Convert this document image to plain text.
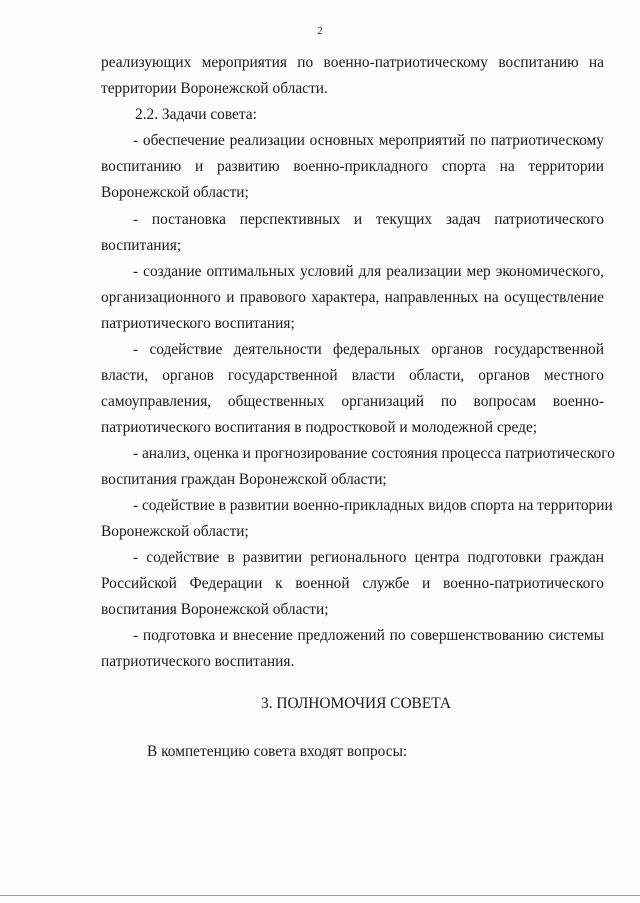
2
реализующих мероприятия по военно-патриотическому воспитанию на
территории Воронежской области.
2.2. Задачи совета:
- обеспечение реализации основных мероприятий по патриотическому
воспитанию и развитию военно-прикладного спорта на территории
Воронежской области;
- постановка перспективных и текущих задач патриотического
воспитания;
- создание оптимальных условий для реализации мер экономического,
организационного и правового характера, направленных на осуществление
патриотического воспитания;
- содействие деятельности федеральных органов государственной
власти, органов государственной власти области, органов местного
самоуправления, общественных организаций по вопросам военно-
патриотического воспитания в подростковой и молодежной среде;
- анализ, оценка и прогнозирование состояния процесса патриотического
воспитания граждан Воронежской области;
- содействие в развитии военно-прикладных видов спорта на территории
Воронежской области;
- содействие в развитии регионального центра подготовки граждан
Российской Федерации к военной службе и военно-патриотического
воспитания Воронежской области;
- подготовка и внесение предложений по совершенствованию системы
патриотического воспитания.
3. ПОЛНОМОЧИЯ СОВЕТА
В компетенцию совета входят вопросы:
